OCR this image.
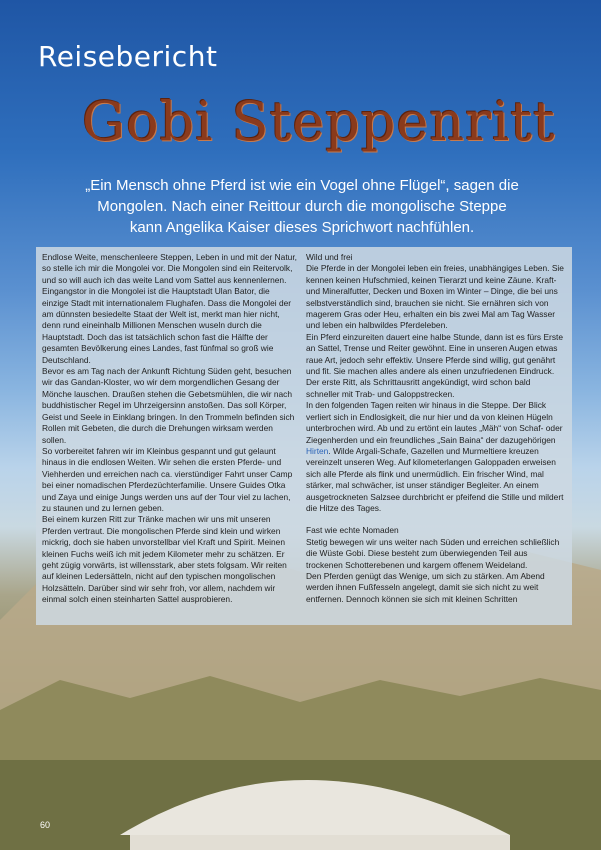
Reisebericht
Gobi Steppenritt

„Ein Mensch ohne Pferd ist wie ein Vogel ohne Flügel“, sagen die Mongolen. Nach einer Reittour durch die mongolische Steppe kann Angelika Kaiser dieses Sprichwort nachfühlen.

Endlose Weite, menschenleere Steppen, Leben in und mit der Natur, so stelle ich mir die Mongolei vor. Die Mongolen sind ein Reitervolk, und so will auch ich das weite Land vom Sattel aus kennenlernen.

Eingangstor in die Mongolei ist die Hauptstadt Ulan Bator, die einzige Stadt mit internationalem Flughafen. Dass die Mongolei der am dünnsten besiedelte Staat der Welt ist, merkt man hier nicht, denn rund eineinhalb Millionen Menschen wuseln durch die Hauptstadt. Doch das ist tatsächlich schon fast die Hälfte der gesamten Bevölkerung eines Landes, fast fünfmal so groß wie Deutschland.

Bevor es am Tag nach der Ankunft Richtung Süden geht, besuchen wir das Gandan-Kloster, wo wir dem morgendlichen Gesang der Mönche lauschen. Draußen stehen die Gebetsmühlen, die wir nach buddhistischer Regel im Uhrzeigersinn anstoßen. Das soll Körper, Geist und Seele in Einklang bringen. In den Trommeln befinden sich Rollen mit Gebeten, die durch die Drehungen wirksam werden sollen.

So vorbereitet fahren wir im Kleinbus gespannt und gut gelaunt hinaus in die endlosen Weiten. Wir sehen die ersten Pferde- und Viehherden und erreichen nach ca. vierstündiger Fahrt unser Camp bei einer nomadischen Pferdezüchterfamilie. Unsere Guides Otka und Zaya und einige Jungs werden uns auf der Tour viel zu lachen, zu staunen und zu lernen geben.

Bei einem kurzen Ritt zur Tränke machen wir uns mit unseren Pferden vertraut. Die mongolischen Pferde sind klein und wirken mickrig, doch sie haben unvorstellbar viel Kraft und Spirit. Meinen kleinen Fuchs weiß ich mit jedem Kilometer mehr zu schätzen. Er geht zügig vorwärts, ist willensstark, aber stets folgsam. Wir reiten auf kleinen Ledersätteln, nicht auf den typischen mongolischen Holzsätteln. Darüber sind wir sehr froh, vor allem, nachdem wir einmal solch einen steinharten Sattel ausprobieren.

Wild und frei

Die Pferde in der Mongolei leben ein freies, unabhängiges Leben. Sie kennen keinen Hufschmied, keinen Tierarzt und keine Zäune. Kraft- und Mineralfutter, Decken und Boxen im Winter – Dinge, die bei uns selbstverständlich sind, brauchen sie nicht. Sie ernähren sich von magerem Gras oder Heu, erhalten ein bis zwei Mal am Tag Wasser und leben ein halbwildes Pferdeleben.

Ein Pferd einzureiten dauert eine halbe Stunde, dann ist es fürs Erste an Sattel, Trense und Reiter gewöhnt. Eine in unseren Augen etwas raue Art, jedoch sehr effektiv. Unsere Pferde sind willig, gut genährt und fit. Sie machen alles andere als einen unzufriedenen Eindruck.

Der erste Ritt, als Schrittausritt angekündigt, wird schon bald schneller mit Trab- und Galoppstrecken.

In den folgenden Tagen reiten wir hinaus in die Steppe. Der Blick verliert sich in Endlosigkeit, die nur hier und da von kleinen Hügeln unterbrochen wird. Ab und zu ertönt ein lautes „Mäh“ von Schaf- oder Ziegenherden und ein freundliches „Sain Baina“ der dazugehörigen Hirten. Wilde Argali-Schafe, Gazellen und Murmeltiere kreuzen vereinzelt unseren Weg. Auf kilometerlangen Galoppaden erweisen sich alle Pferde als flink und unermüdlich. Ein frischer Wind, mal stärker, mal schwächer, ist unser ständiger Begleiter. An einem ausgetrockneten Salzsee durchbricht er pfeifend die Stille und mildert die Hitze des Tages.

Fast wie echte Nomaden

Stetig bewegen wir uns weiter nach Süden und erreichen schließlich die Wüste Gobi. Diese besteht zum überwiegenden Teil aus trockenen Schotterebenen und kargem offenem Weideland.

Den Pferden genügt das Wenige, um sich zu stärken. Am Abend werden ihnen Fußfesseln angelegt, damit sie sich nicht zu weit entfernen. Dennoch können sie sich mit kleinen Schritten

60
